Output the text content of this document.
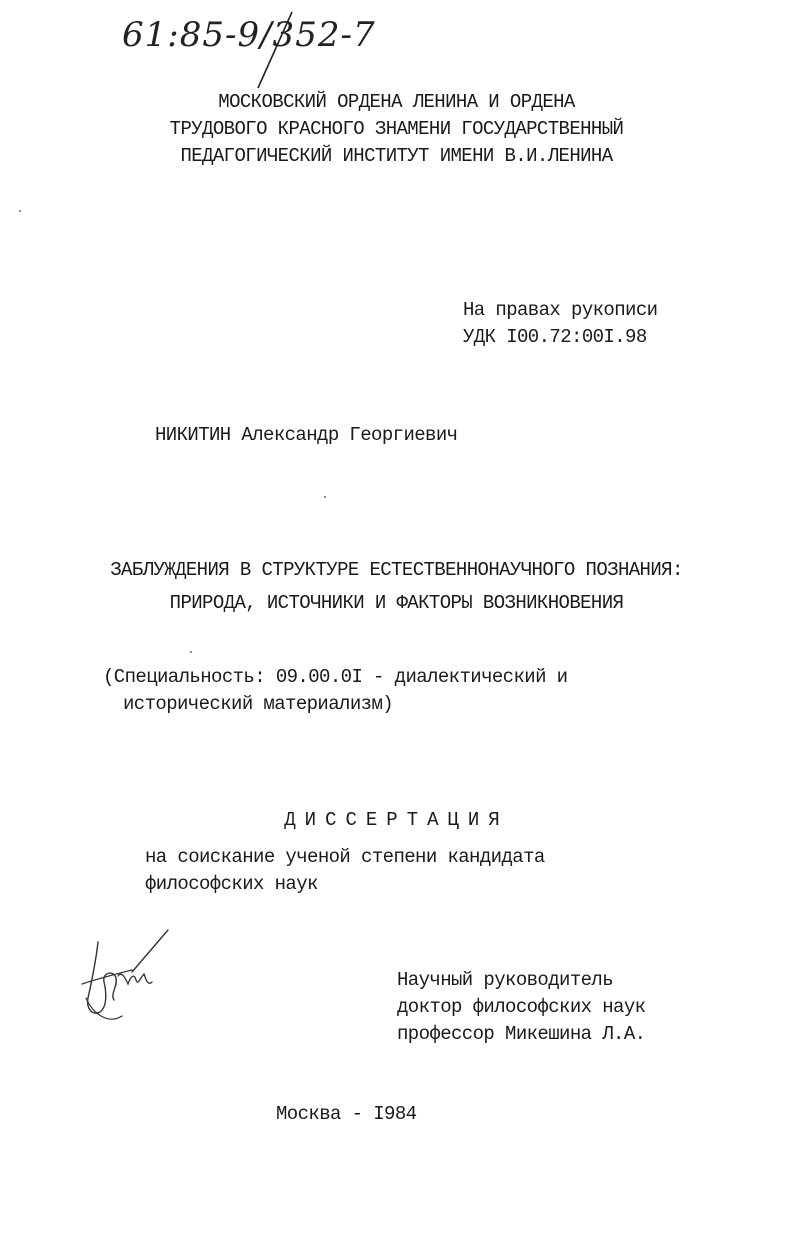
61:85-9/352-7
МОСКОВСКИЙ ОРДЕНА ЛЕНИНА И ОРДЕНА
ТРУДОВОГО КРАСНОГО ЗНАМЕНИ ГОСУДАРСТВЕННЫЙ
ПЕДАГОГИЧЕСКИЙ ИНСТИТУТ ИМЕНИ В.И.ЛЕНИНА
На правах рукописи
УДК I00.72:00I.98
НИКИТИН Александр Георгиевич
ЗАБЛУЖДЕНИЯ В СТРУКТУРЕ ЕСТЕСТВЕННОНАУЧНОГО ПОЗНАНИЯ:
ПРИРОДА, ИСТОЧНИКИ И ФАКТОРЫ ВОЗНИКНОВЕНИЯ
(Специальность: 09.00.0I - диалектический и
исторический материализм)
ДИССЕРТАЦИЯ
на соискание ученой степени кандидата
философских наук
Научный руководитель
доктор философских наук
профессор Микешина Л.А.
Москва - I984
